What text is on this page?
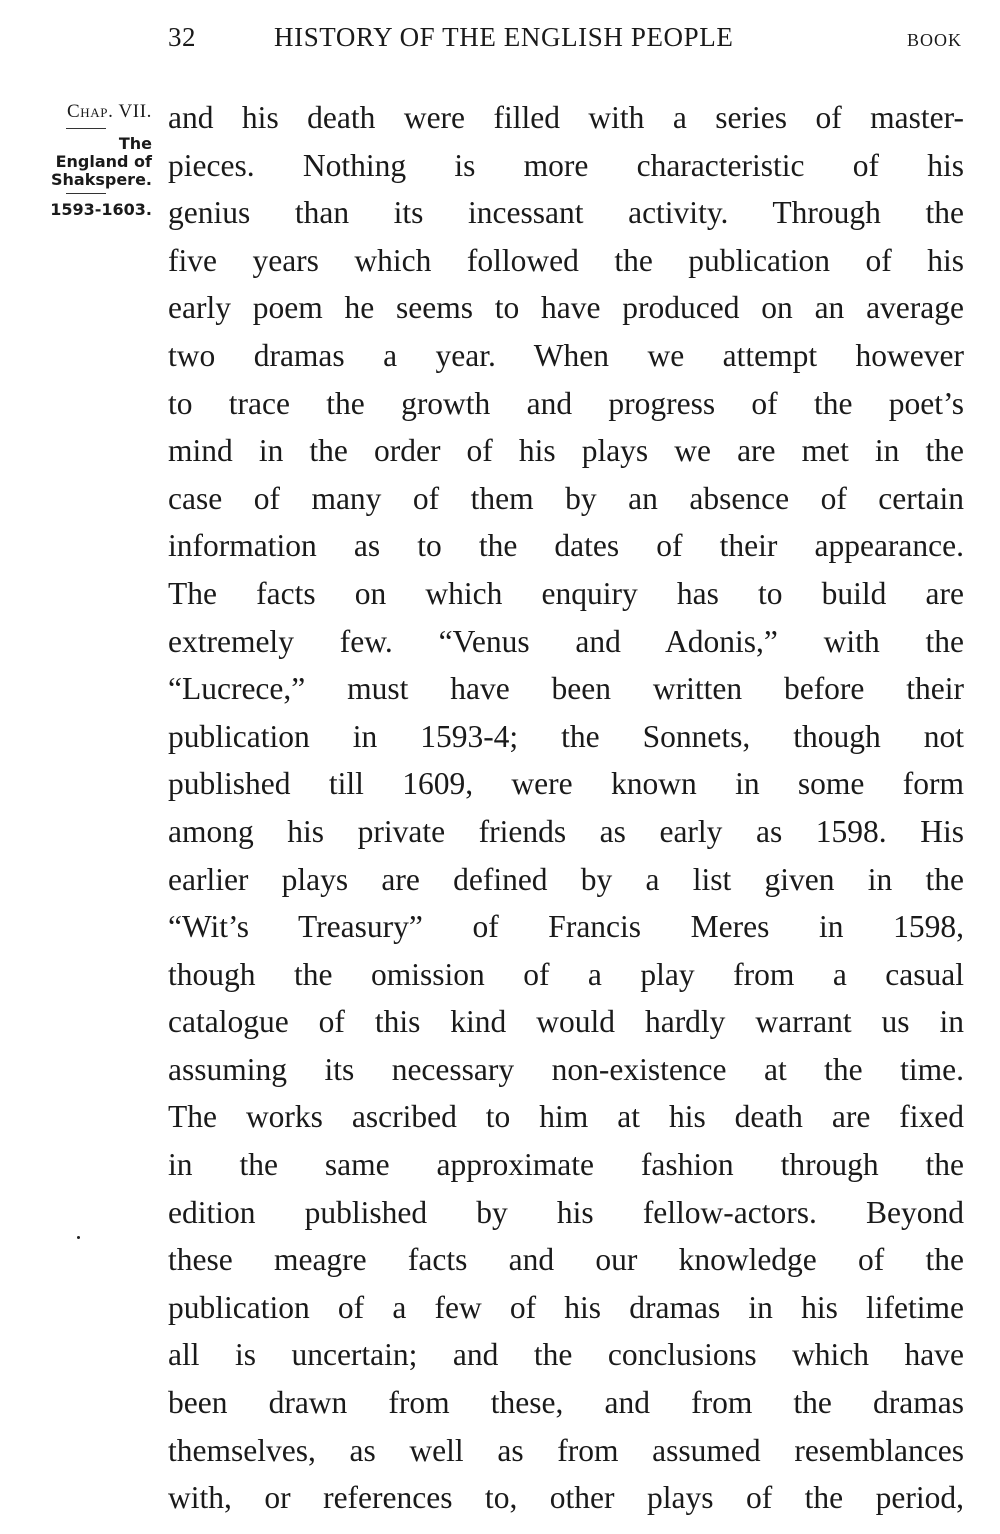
32	HISTORY OF THE ENGLISH PEOPLE	BOOK
Chap. VII.
The
England of
Shakspere.
1593-1603.
and his death were filled with a series of master-
pieces. Nothing is more characteristic of his
genius than its incessant activity. Through the
five years which followed the publication of his
early poem he seems to have produced on an average
two dramas a year. When we attempt however
to trace the growth and progress of the poet’s
mind in the order of his plays we are met in the
case of many of them by an absence of certain
information as to the dates of their appearance.
The facts on which enquiry has to build are
extremely few. “Venus and Adonis,” with the
“Lucrece,” must have been written before their
publication in 1593-4; the Sonnets, though not
published till 1609, were known in some form
among his private friends as early as 1598. His
earlier plays are defined by a list given in the
“Wit’s Treasury” of Francis Meres in 1598,
though the omission of a play from a casual
catalogue of this kind would hardly warrant us in
assuming its necessary non-existence at the time.
The works ascribed to him at his death are fixed
in the same approximate fashion through the
edition published by his fellow-actors. Beyond
these meagre facts and our knowledge of the
publication of a few of his dramas in his lifetime
all is uncertain; and the conclusions which have
been drawn from these, and from the dramas
themselves, as well as from assumed resemblances
with, or references to, other plays of the period,
